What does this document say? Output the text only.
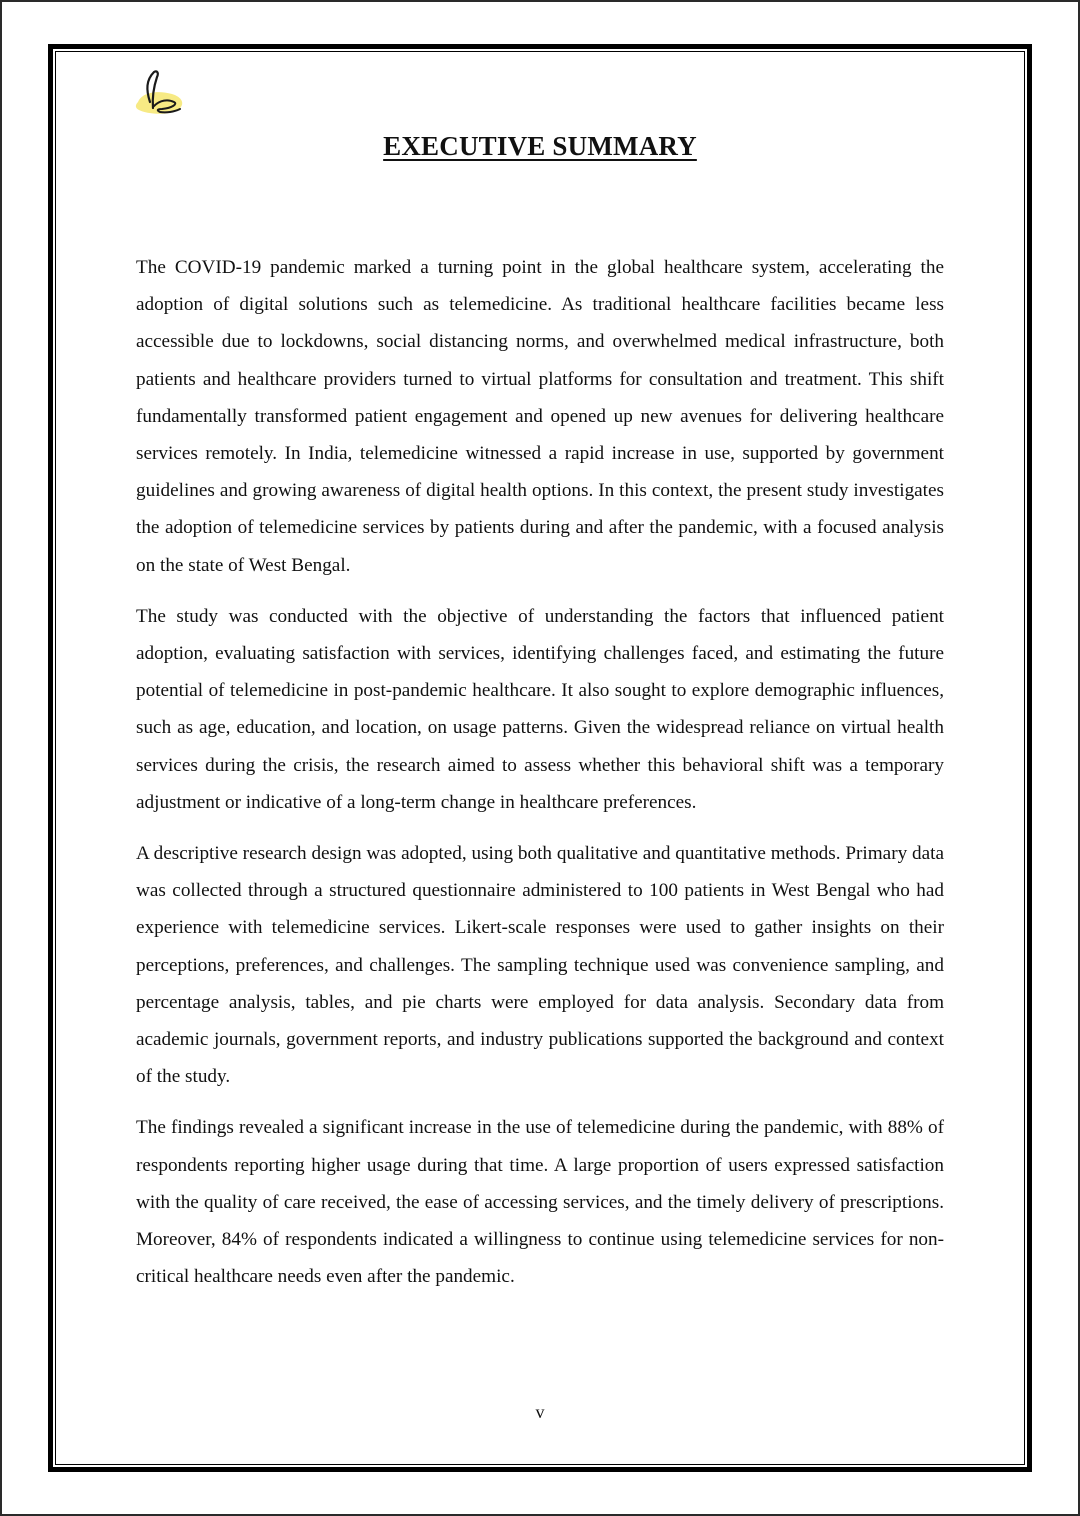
EXECUTIVE SUMMARY

The COVID-19 pandemic marked a turning point in the global healthcare system, accelerating the adoption of digital solutions such as telemedicine. As traditional healthcare facilities became less accessible due to lockdowns, social distancing norms, and overwhelmed medical infrastructure, both patients and healthcare providers turned to virtual platforms for consultation and treatment. This shift fundamentally transformed patient engagement and opened up new avenues for delivering healthcare services remotely. In India, telemedicine witnessed a rapid increase in use, supported by government guidelines and growing awareness of digital health options. In this context, the present study investigates the adoption of telemedicine services by patients during and after the pandemic, with a focused analysis on the state of West Bengal.

The study was conducted with the objective of understanding the factors that influenced patient adoption, evaluating satisfaction with services, identifying challenges faced, and estimating the future potential of telemedicine in post-pandemic healthcare. It also sought to explore demographic influences, such as age, education, and location, on usage patterns. Given the widespread reliance on virtual health services during the crisis, the research aimed to assess whether this behavioral shift was a temporary adjustment or indicative of a long-term change in healthcare preferences.

A descriptive research design was adopted, using both qualitative and quantitative methods. Primary data was collected through a structured questionnaire administered to 100 patients in West Bengal who had experience with telemedicine services. Likert-scale responses were used to gather insights on their perceptions, preferences, and challenges. The sampling technique used was convenience sampling, and percentage analysis, tables, and pie charts were employed for data analysis. Secondary data from academic journals, government reports, and industry publications supported the background and context of the study.

The findings revealed a significant increase in the use of telemedicine during the pandemic, with 88% of respondents reporting higher usage during that time. A large proportion of users expressed satisfaction with the quality of care received, the ease of accessing services, and the timely delivery of prescriptions. Moreover, 84% of respondents indicated a willingness to continue using telemedicine services for non-critical healthcare needs even after the pandemic.

v
